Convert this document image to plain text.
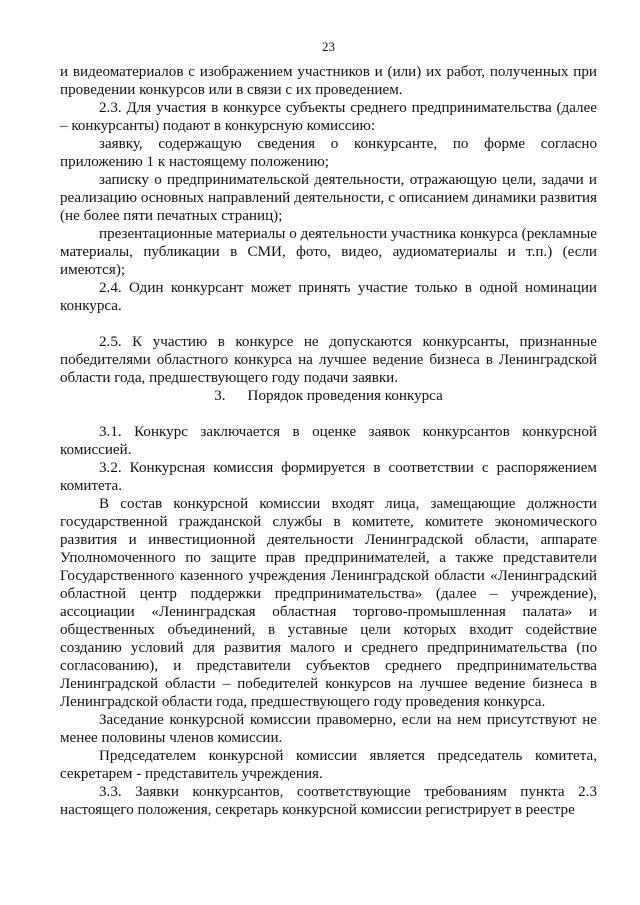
23

и видеоматериалов с изображением участников и (или) их работ, полученных при проведении конкурсов или в связи с их проведением.

2.3. Для участия в конкурсе субъекты среднего предпринимательства (далее – конкурсанты) подают в конкурсную комиссию:

заявку, содержащую сведения о конкурсанте, по форме согласно приложению 1 к настоящему положению;

записку о предпринимательской деятельности, отражающую цели, задачи и реализацию основных направлений деятельности, с описанием динамики развития (не более пяти печатных страниц);

презентационные материалы о деятельности участника конкурса (рекламные материалы, публикации в СМИ, фото, видео, аудиоматериалы и т.п.) (если имеются);

2.4. Один конкурсант может принять участие только в одной номинации конкурса.

2.5. К участию в конкурсе не допускаются конкурсанты, признанные победителями областного конкурса на лучшее ведение бизнеса в Ленинградской области года, предшествующего году подачи заявки.

3. Порядок проведения конкурса

3.1. Конкурс заключается в оценке заявок конкурсантов конкурсной комиссией.

3.2. Конкурсная комиссия формируется в соответствии с распоряжением комитета.

В состав конкурсной комиссии входят лица, замещающие должности государственной гражданской службы в комитете, комитете экономического развития и инвестиционной деятельности Ленинградской области, аппарате Уполномоченного по защите прав предпринимателей, а также представители Государственного казенного учреждения Ленинградской области «Ленинградский областной центр поддержки предпринимательства» (далее – учреждение), ассоциации «Ленинградская областная торгово-промышленная палата» и общественных объединений, в уставные цели которых входит содействие созданию условий для развития малого и среднего предпринимательства (по согласованию), и представители субъектов среднего предпринимательства Ленинградской области – победителей конкурсов на лучшее ведение бизнеса в Ленинградской области года, предшествующего году проведения конкурса.

Заседание конкурсной комиссии правомерно, если на нем присутствуют не менее половины членов комиссии.

Председателем конкурсной комиссии является председатель комитета, секретарем - представитель учреждения.

3.3. Заявки конкурсантов, соответствующие требованиям пункта 2.3 настоящего положения, секретарь конкурсной комиссии регистрирует в реестре
